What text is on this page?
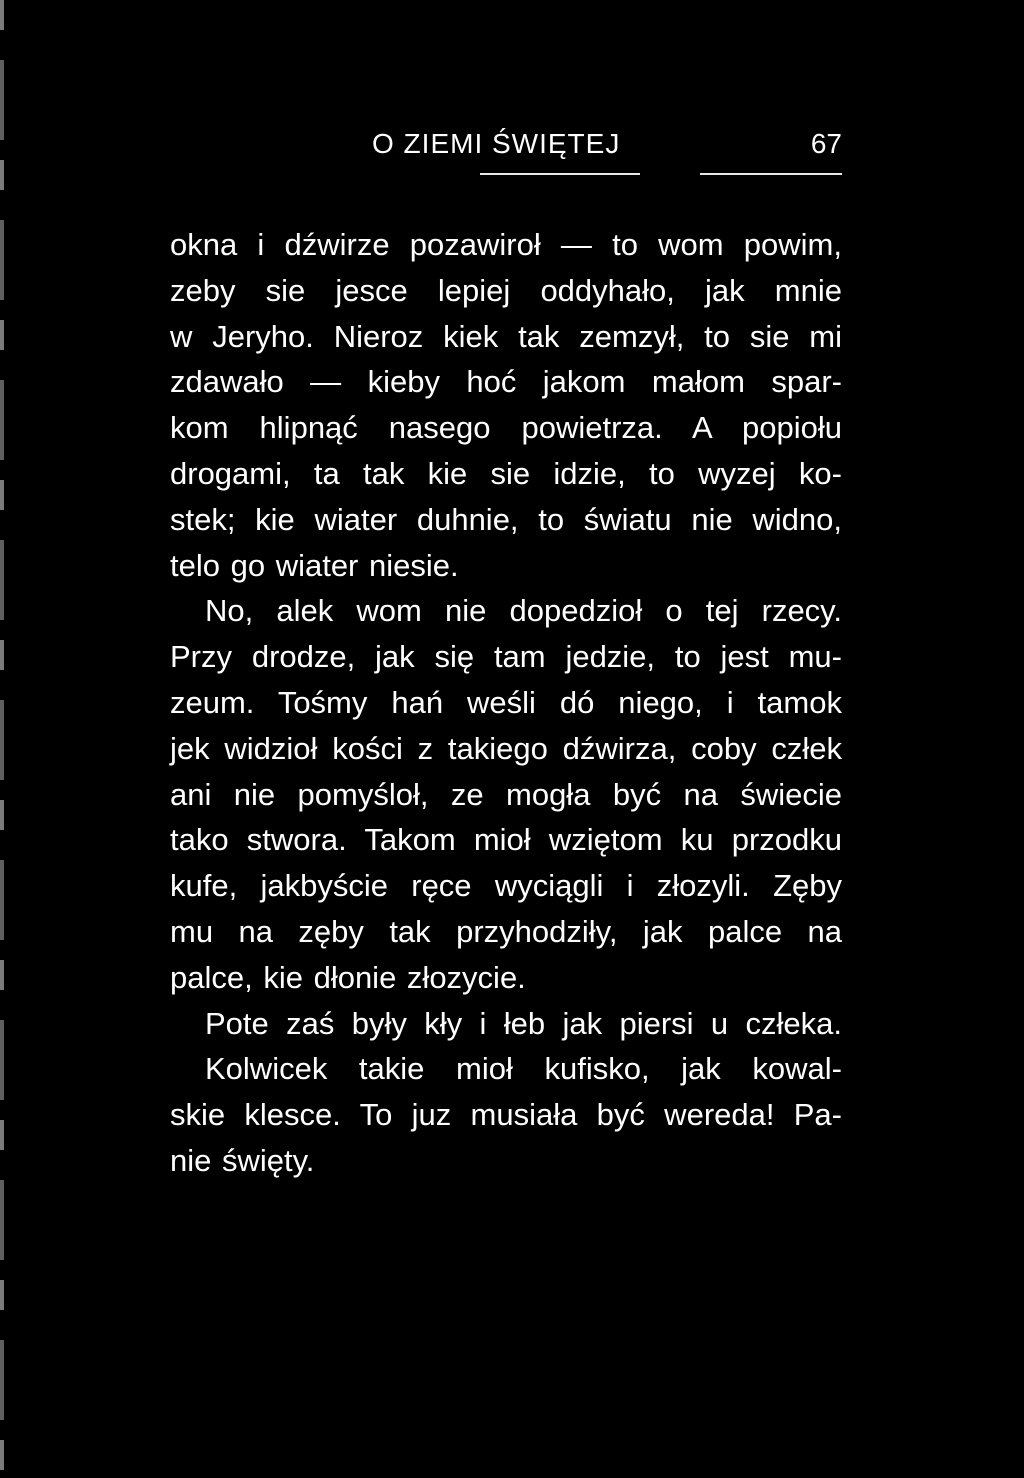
O ZIEMI ŚWIĘTEJ	67
okna i dźwirze pozawiroł — to wom powim,
zeby sie jesce lepiej oddyhało, jak mnie
w Jeryho. Nieroz kiek tak zemzył, to sie mi
zdawało — kieby hoć jakom małom spar-
kom hlipnąć nasego powietrza. A popiołu
drogami, ta tak kie sie idzie, to wyzej ko-
stek; kie wiater duhnie, to światu nie widno,
telo go wiater niesie.
No, alek wom nie dopedzioł o tej rzecy.
Przy drodze, jak się tam jedzie, to jest mu-
zeum. Tośmy hań weśli dó niego, i tamok
jek widzioł kości z takiego dźwirza, coby człek
ani nie pomyśloł, ze mogła być na świecie
tako stwora. Takom mioł wziętom ku przodku
kufe, jakbyście ręce wyciągli i złozyli. Zęby
mu na zęby tak przyhodziły, jak palce na
palce, kie dłonie złozycie.
Pote zaś były kły i łeb jak piersi u człeka.
Kolwicek takie mioł kufisko, jak kowal-
skie klesce. To juz musiała być wereda! Pa-
nie święty.
